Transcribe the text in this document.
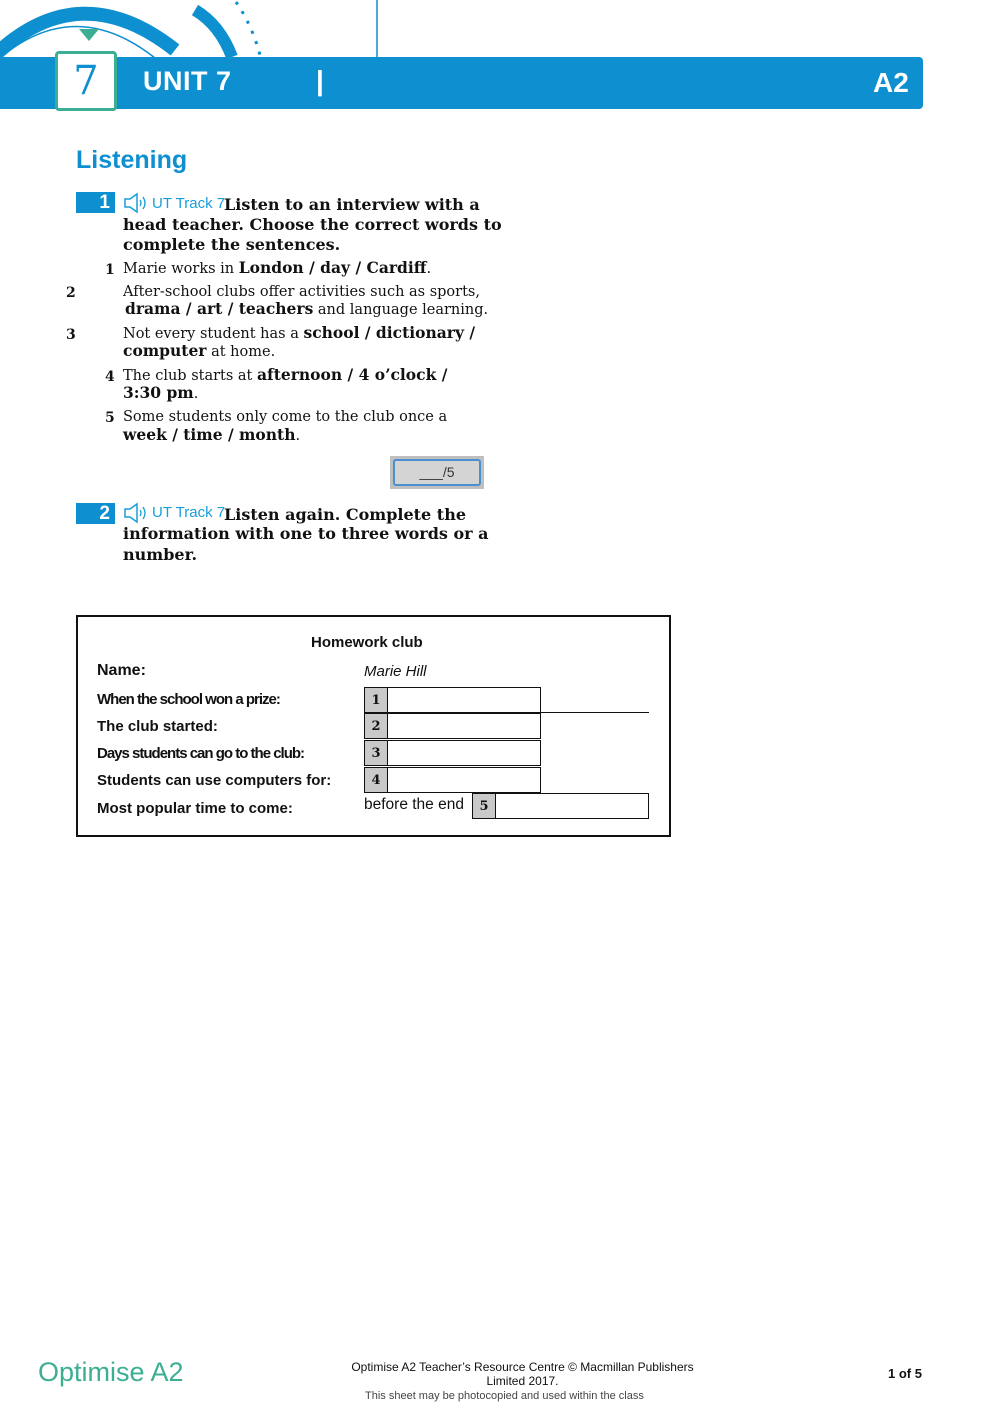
7	UNIT 7	|	A2
Listening
1	UT Track 7
Listen to an interview with a
head teacher. Choose the correct words to
complete the sentences.
1 Marie works in London / day / Cardiff.
2	After-school clubs offer activities such as sports,
drama / art / teachers and language learning.
3	Not every student has a school / dictionary /
computer at home.
4 The club starts at afternoon / 4 o’clock /
3:30 pm.
5 Some students only come to the club once a
week / time / month.
___/5
2	UT Track 7
Listen again. Complete the
information with one to three words or a
number.
Homework club
Name:	Marie Hill
When the school won a prize:	1
The club started:	2
Days students can go to the club:	3
Students can use computers for:	4
Most popular time to come:	before the end	5
Optimise A2	Optimise A2 Teacher’s Resource Centre © Macmillan Publishers
Limited 2017.
This sheet may be photocopied and used within the class
1 of 5
